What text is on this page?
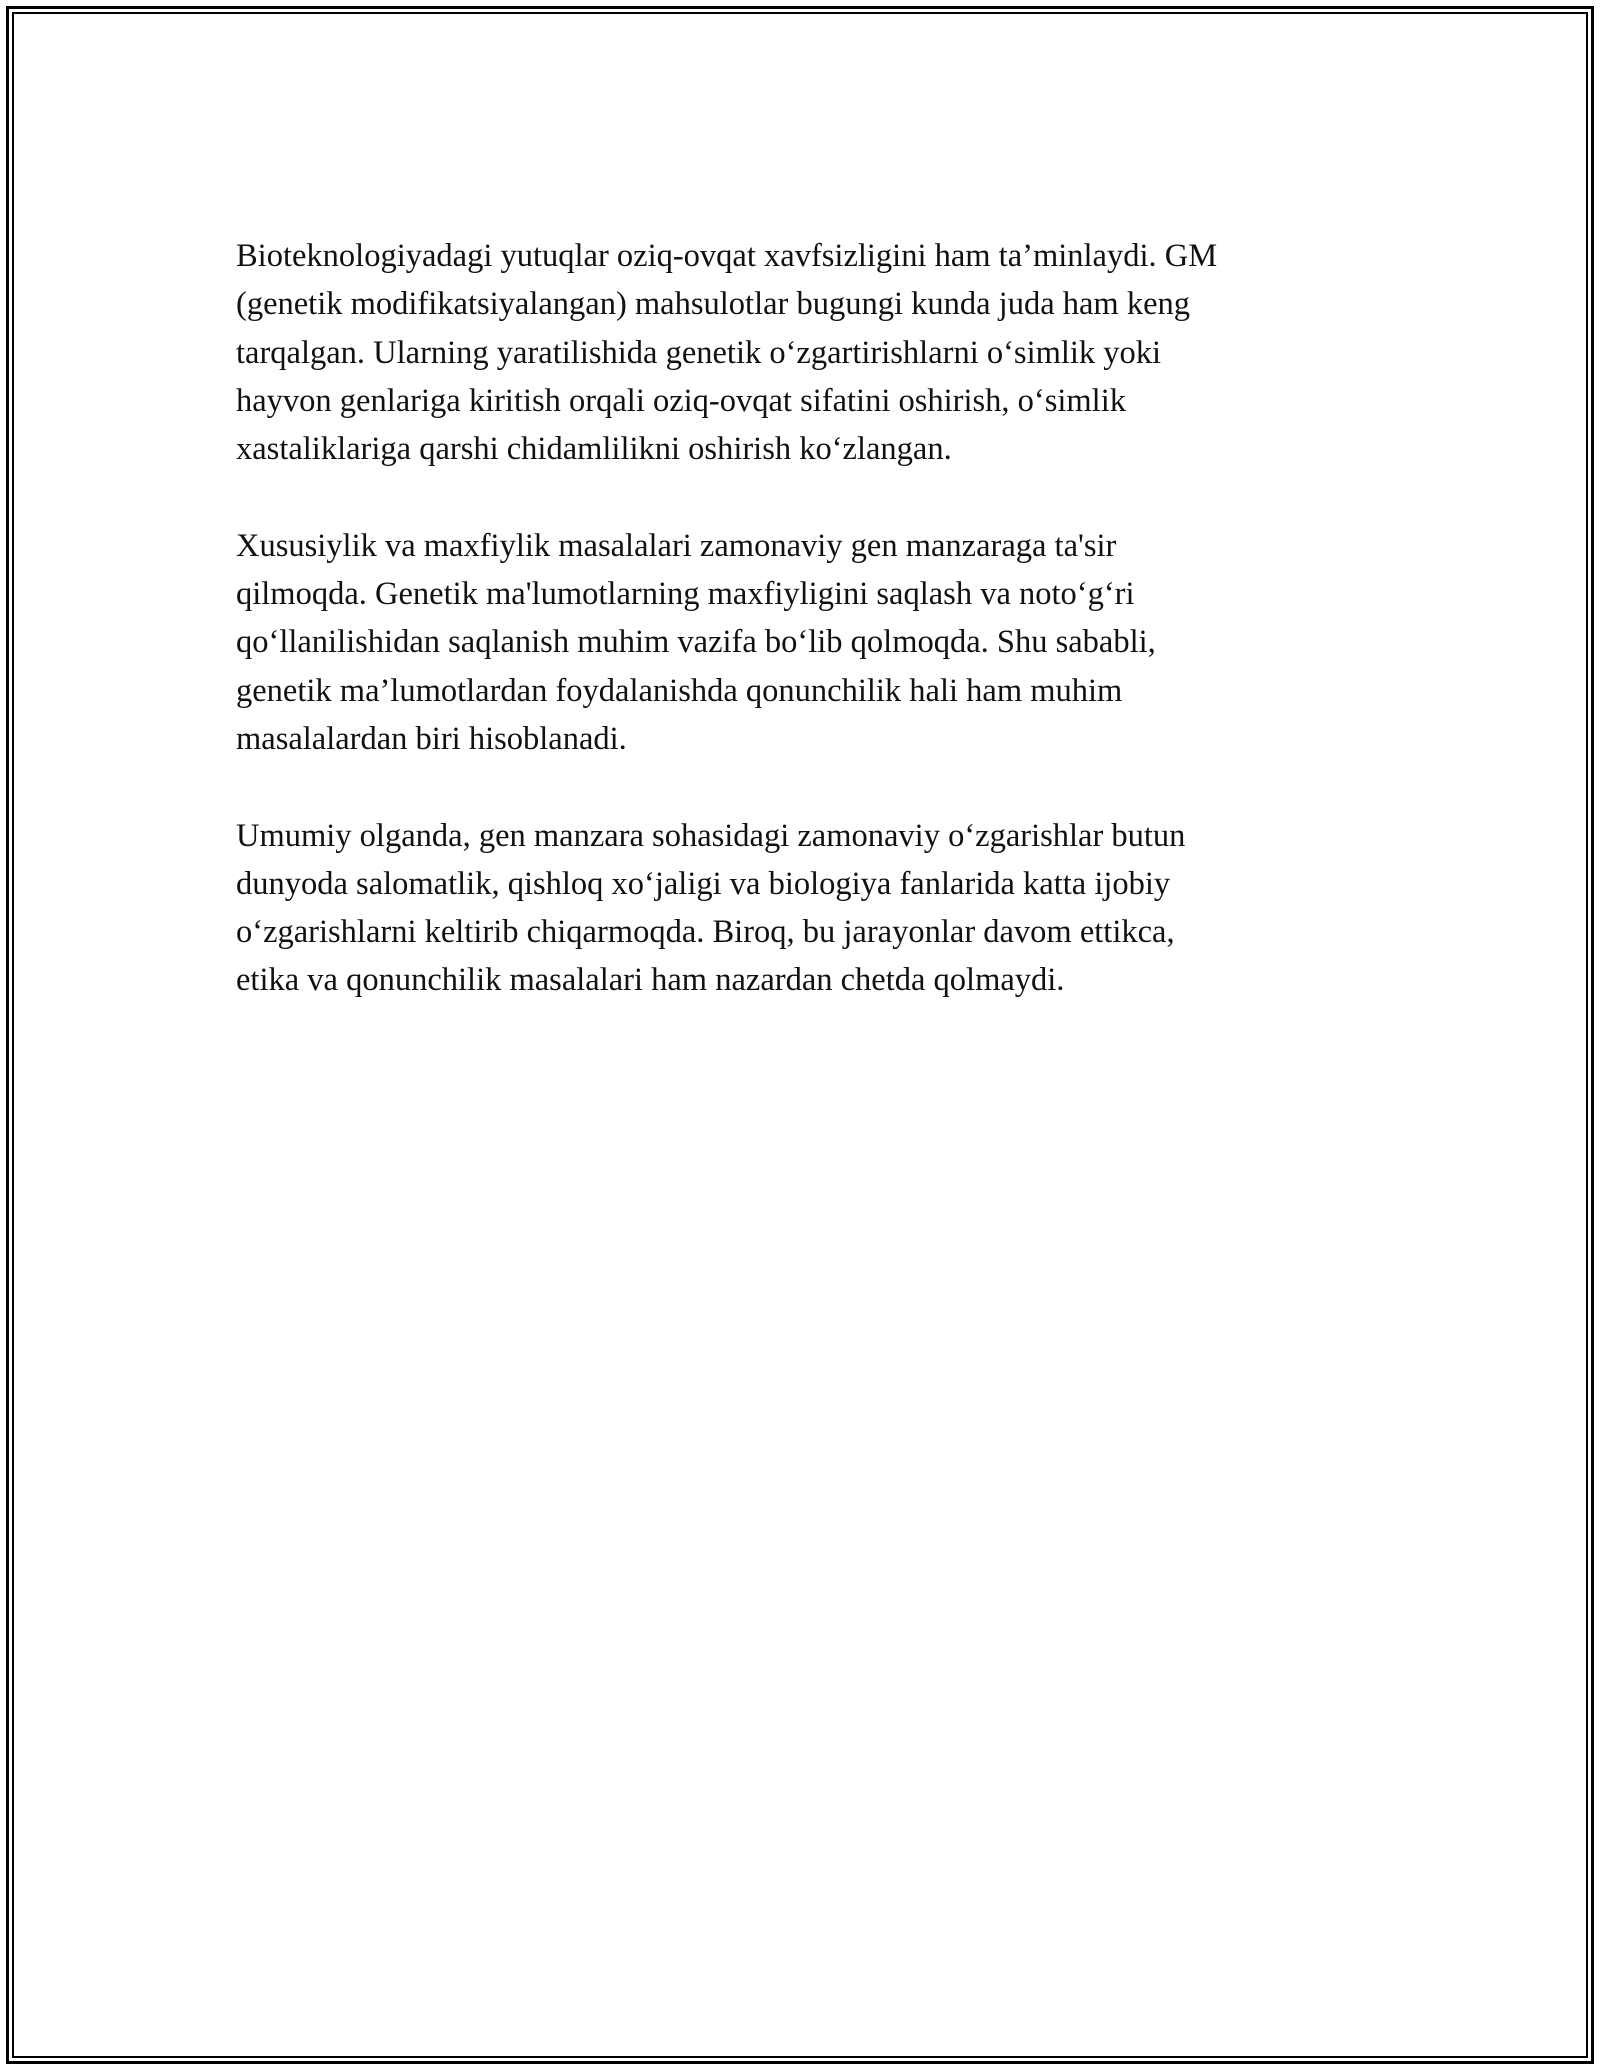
Bioteknologiyadagi yutuqlar oziq-ovqat xavfsizligini ham ta’minlaydi. GM
(genetik modifikatsiyalangan) mahsulotlar bugungi kunda juda ham keng
tarqalgan. Ularning yaratilishida genetik oʻzgartirishlarni oʻsimlik yoki
hayvon genlariga kiritish orqali oziq-ovqat sifatini oshirish, oʻsimlik
xastaliklariga qarshi chidamlilikni oshirish koʻzlangan.

Xususiylik va maxfiylik masalalari zamonaviy gen manzaraga ta'sir
qilmoqda. Genetik ma'lumotlarning maxfiyligini saqlash va notoʻgʻri
qoʻllanilishidan saqlanish muhim vazifa boʻlib qolmoqda. Shu sababli,
genetik ma’lumotlardan foydalanishda qonunchilik hali ham muhim
masalalardan biri hisoblanadi.

Umumiy olganda, gen manzara sohasidagi zamonaviy oʻzgarishlar butun
dunyoda salomatlik, qishloq xoʻjaligi va biologiya fanlarida katta ijobiy
oʻzgarishlarni keltirib chiqarmoqda. Biroq, bu jarayonlar davom ettikca,
etika va qonunchilik masalalari ham nazardan chetda qolmaydi.
